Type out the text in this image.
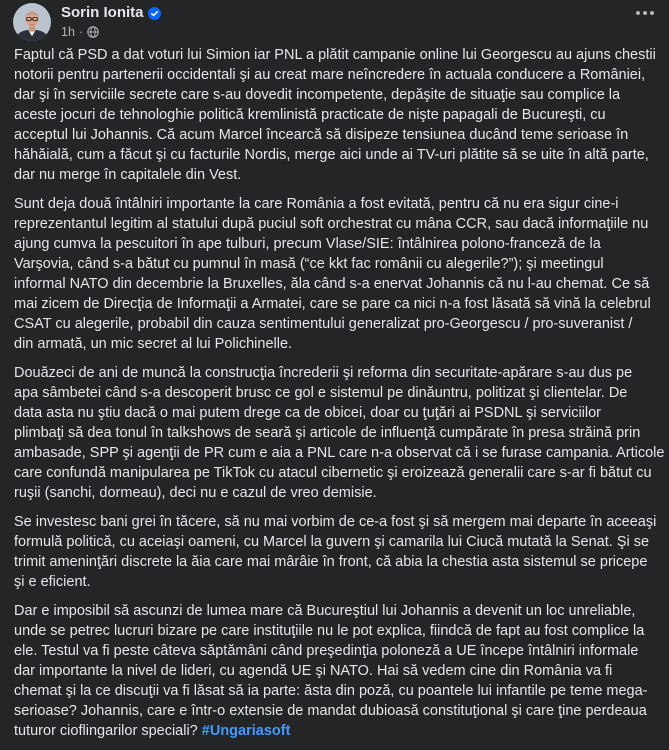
Sorin Ionita
1h ·
Faptul că PSD a dat voturi lui Simion iar PNL a plătit campanie online lui Georgescu au ajuns chestii
notorii pentru partenerii occidentali şi au creat mare neîncredere în actuala conducere a României,
dar şi în serviciile secrete care s-au dovedit incompetente, depăşite de situaţie sau complice la
aceste jocuri de tehnologhie politică kremlinistă practicate de nişte papagali de Bucureşti, cu
acceptul lui Johannis. Că acum Marcel încearcă să disipeze tensiunea ducând teme serioase în
hăhăială, cum a făcut şi cu facturile Nordis, merge aici unde ai TV-uri plătite să se uite în altă parte,
dar nu merge în capitalele din Vest.
Sunt deja două întâlniri importante la care România a fost evitată, pentru că nu era sigur cine-i
reprezentantul legitim al statului după puciul soft orchestrat cu mâna CCR, sau dacă informaţiile nu
ajung cumva la pescuitori în ape tulburi, precum Vlase/SIE: întâlnirea polono-franceză de la
Varşovia, când s-a bătut cu pumnul în masă (“ce kkt fac românii cu alegerile?”); şi meetingul
informal NATO din decembrie la Bruxelles, ăla când s-a enervat Johannis că nu l-au chemat. Ce să
mai zicem de Direcţia de Informaţii a Armatei, care se pare ca nici n-a fost lăsată să vină la celebrul
CSAT cu alegerile, probabil din cauza sentimentului generalizat pro-Georgescu / pro-suveranist /
din armată, un mic secret al lui Polichinelle.
Douăzeci de ani de muncă la construcţia încrederii şi reforma din securitate-apărare s-au dus pe
apa sâmbetei când s-a descoperit brusc ce gol e sistemul pe dinăuntru, politizat şi clientelar. De
data asta nu ştiu dacă o mai putem drege ca de obicei, doar cu ţuţări ai PSDNL şi serviciilor
plimbaţi să dea tonul în talkshows de seară şi articole de influenţă cumpărate în presa străină prin
ambasade, SPP şi agenţii de PR cum e aia a PNL care n-a observat că i se furase campania. Articole
care confundă manipularea pe TikTok cu atacul cibernetic şi eroizează generalii care s-ar fi bătut cu
ruşii (sanchi, dormeau), deci nu e cazul de vreo demisie.
Se investesc bani grei în tăcere, să nu mai vorbim de ce-a fost şi să mergem mai departe în aceeaşi
formulă politică, cu aceiaşi oameni, cu Marcel la guvern şi camarila lui Ciucă mutată la Senat. Şi se
trimit ameninţări discrete la ăia care mai mârâie în front, că abia la chestia asta sistemul se pricepe
şi e eficient.
Dar e imposibil să ascunzi de lumea mare că Bucureştiul lui Johannis a devenit un loc unreliable,
unde se petrec lucruri bizare pe care instituţiile nu le pot explica, fiindcă de fapt au fost complice la
ele. Testul va fi peste câteva săptămâni când preşedinţia poloneză a UE începe întâlniri informale
dar importante la nivel de lideri, cu agendă UE şi NATO. Hai să vedem cine din România va fi
chemat şi la ce discuţii va fi lăsat să ia parte: ăsta din poză, cu poantele lui infantile pe teme mega-
serioase? Johannis, care e într-o extensie de mandat dubioasă constituţional şi care ţine perdeaua
tuturor cioflingarilor speciali? #Ungariasoft
